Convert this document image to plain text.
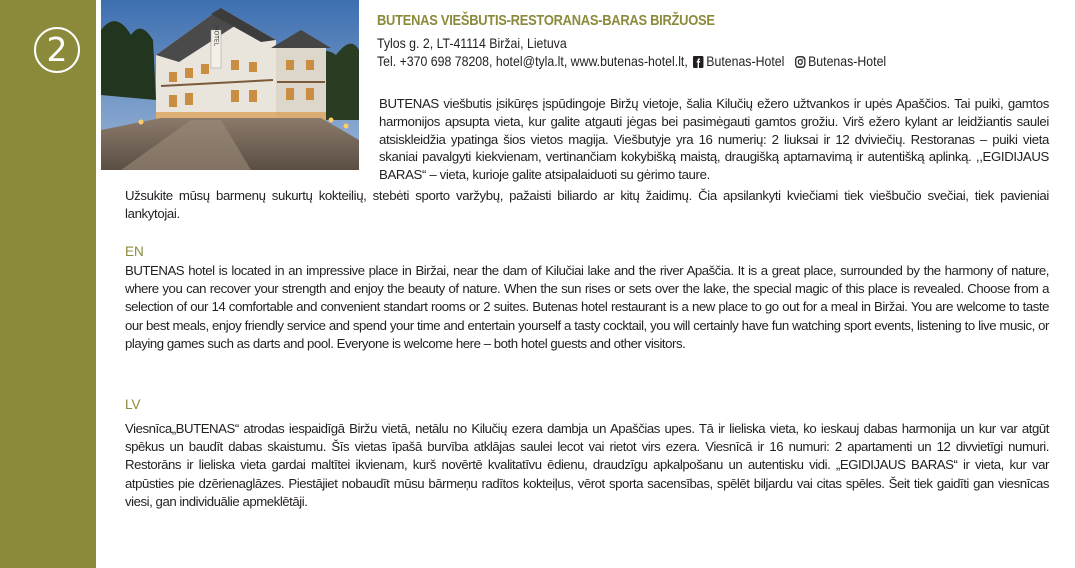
2	HOTEL
BUTENAS VIEŠBUTIS-RESTORANAS-BARAS BIRŽUOSE
Tylos g. 2, LT-41114 Biržai, Lietuva
Tel. +370 698 78208, hotel@tyla.lt, www.butenas-hotel.lt, Butenas-Hotel Butenas-Hotel
BUTENAS viešbutis įsikūręs įspūdingoje Biržų vietoje, šalia Kilučių ežero užtvankos ir upės Apaščios. Tai puiki, gamtos harmonijos apsupta vieta, kur galite atgauti jėgas bei pasimėgauti gamtos grožiu. Virš ežero kylant ar leidžiantis saulei atsiskleidžia ypatinga šios vietos magija. Viešbutyje yra 16 numerių: 2 liuksai ir 12 dviviečių. Restoranas – puiki vieta skaniai pavalgyti kiekvienam, vertinančiam kokybišką maistą, draugišką aptarnavimą ir autentišką aplinką. ,,EGIDIJAUS BARAS“ – vieta, kurioje galite atsipalaiduoti su gėrimo taure.
Užsukite mūsų barmenų sukurtų kokteilių, stebėti sporto varžybų, pažaisti biliardo ar kitų žaidimų. Čia apsilankyti kviečiami tiek viešbučio svečiai, tiek pavieniai lankytojai.
EN
BUTENAS hotel is located in an impressive place in Biržai, near the dam of Kilučiai lake and the river Apaščia. It is a great place, surrounded by the harmony of nature, where you can recover your strength and enjoy the beauty of nature. When the sun rises or sets over the lake, the special magic of this place is revealed. Choose from a selection of our 14 comfortable and convenient standart rooms or 2 suites. Butenas hotel restaurant is a new place to go out for a meal in Biržai. You are welcome to taste our best meals, enjoy friendly service and spend your time and entertain yourself a tasty cocktail, you will certainly have fun watching sport events, listening to live music, or playing games such as darts and pool. Everyone is welcome here – both hotel guests and other visitors.
LV
Viesnīca„BUTENAS“ atrodas iespaidīgā Biržu vietā, netālu no Kilučių ezera dambja un Apaščias upes. Tā ir lieliska vieta, ko ieskauj dabas harmonija un kur var atgūt spēkus un baudīt dabas skaistumu. Šīs vietas īpašā burvība atklājas saulei lecot vai rietot virs ezera. Viesnīcā ir 16 numuri: 2 apartamenti un 12 divvietīgi numuri. Restorāns ir lieliska vieta gardai maltītei ikvienam, kurš novērtē kvalitatīvu ēdienu, draudzīgu apkalpošanu un autentisku vidi. „EGIDIJAUS BARAS“ ir vieta, kur var atpūsties pie dzērienaglāzes. Piestājiet nobaudīt mūsu bārmeņu radītos kokteiļus, vērot sporta sacensības, spēlēt biljardu vai citas spēles. Šeit tiek gaidīti gan viesnīcas viesi, gan individuālie apmeklētāji.
